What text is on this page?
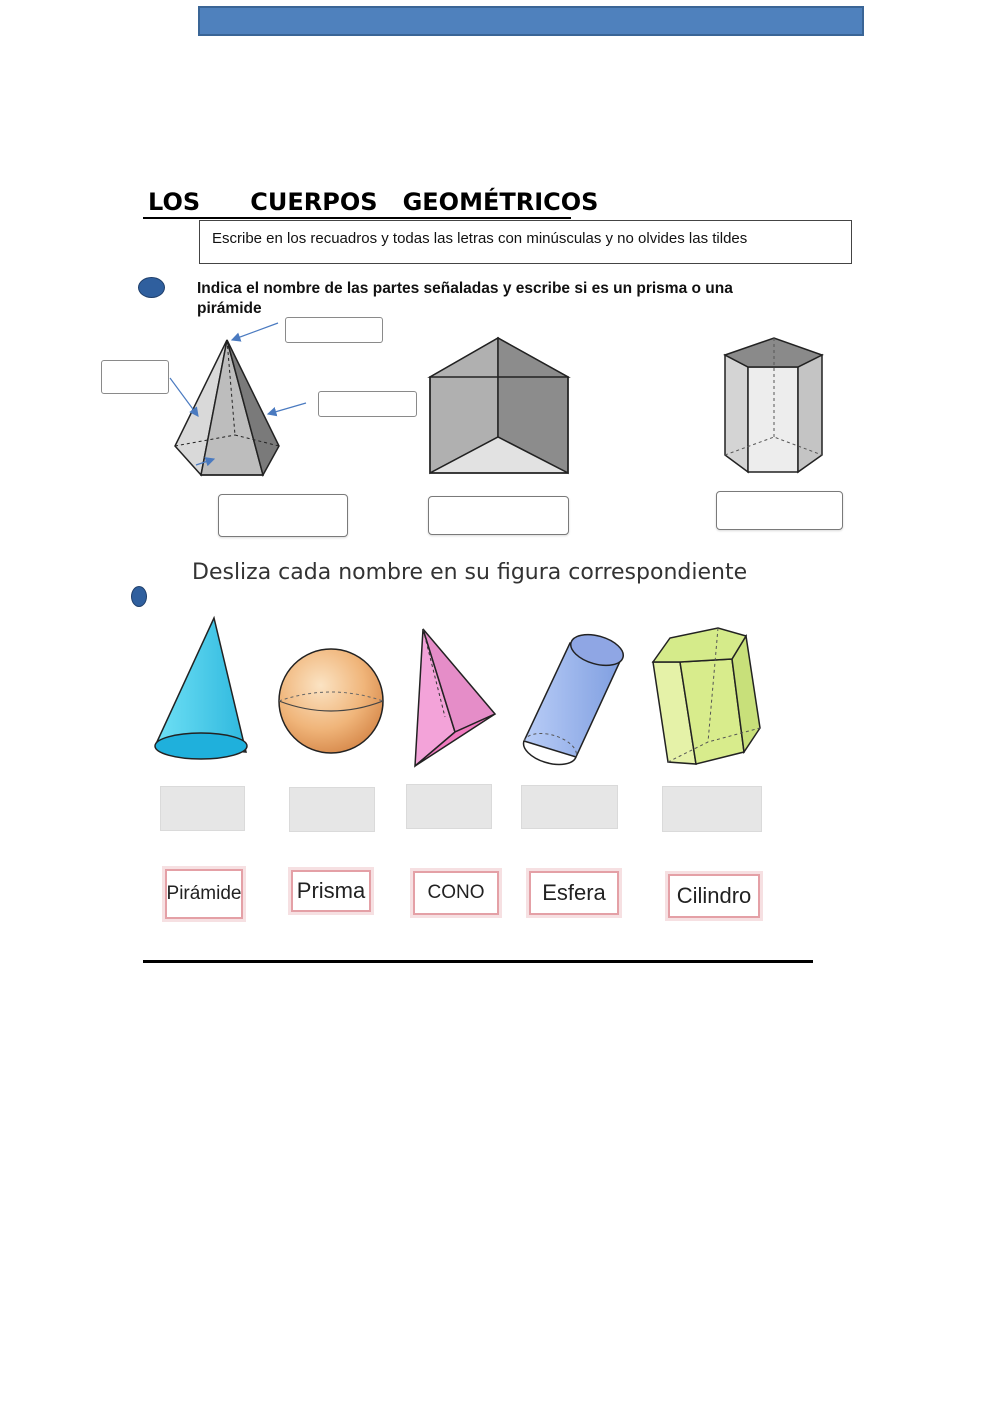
LOS      CUERPOS   GEOMÉTRICOS
Escribe en los recuadros y todas las letras con minúsculas y no olvides las tildes
Indica el nombre de las partes señaladas y escribe si es un prisma o una pirámide
Desliza cada nombre en su figura correspondiente
Pirámide	Prisma	CONO	Esfera	Cilindro
